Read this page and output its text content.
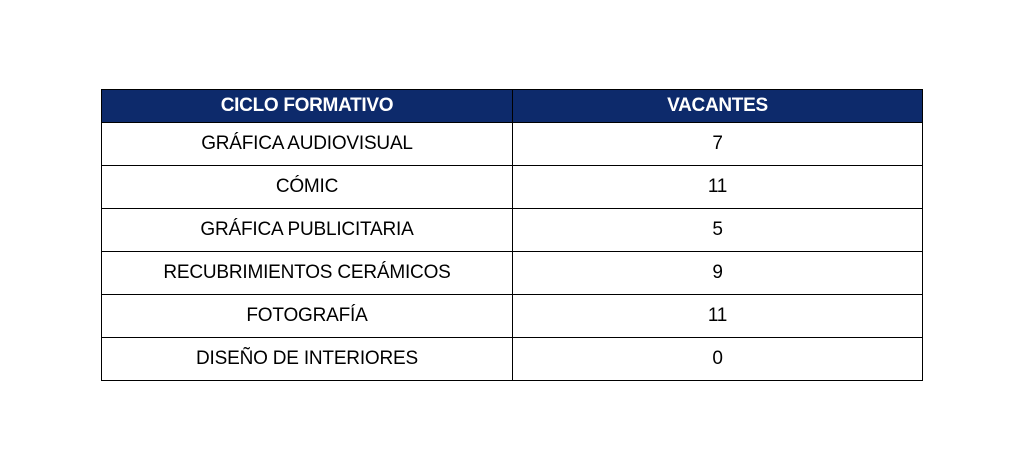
CICLO FORMATIVO	VACANTES
GRÁFICA AUDIOVISUAL	7
CÓMIC	11
GRÁFICA PUBLICITARIA	5
RECUBRIMIENTOS CERÁMICOS	9
FOTOGRAFÍA	11
DISEÑO DE INTERIORES	0
